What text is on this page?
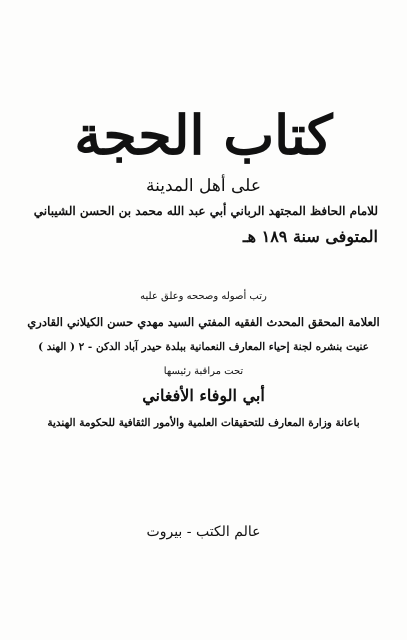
كتاب الحجة
على أهل المدينة
للامام الحافظ المجتهد الرباني أبي عبد الله محمد بن الحسن الشيباني
المتوفى سنة ١٨٩ هـ
رتب أصوله وصححه وعلق عليه
العلامة المحقق المحدث الفقيه المفتي السيد مهدي حسن الكيلاني القادري
عنيت بنشره لجنة إحياء المعارف النعمانية ببلدة حيدر آباد الدكن - ٢ ( الهند )
تحت مراقبة رئيسها
أبي الوفاء الأفغاني
باعانة وزارة المعارف للتحقيقات العلمية والأمور الثقافية للحكومة الهندية
عالم الكتب - بيروت
